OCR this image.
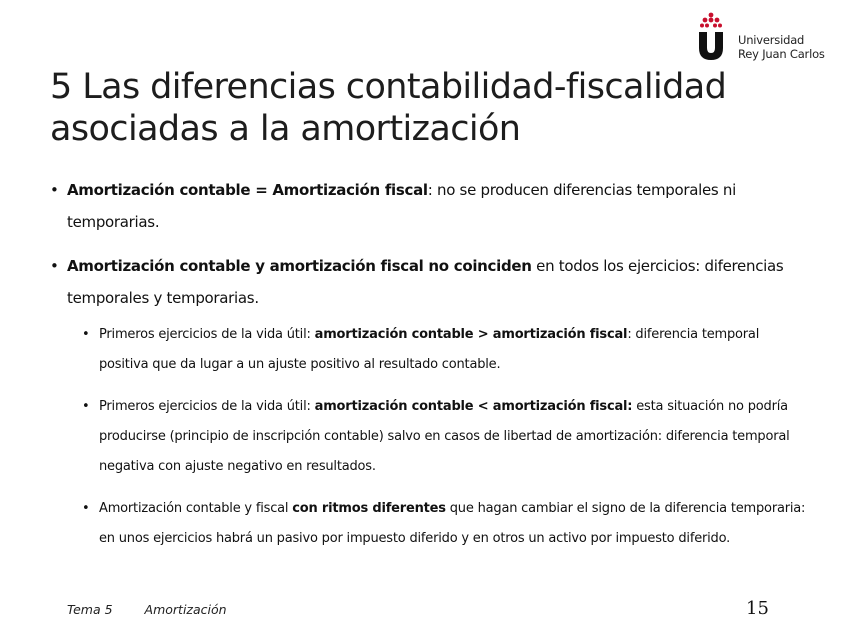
Universidad
Rey Juan Carlos
5 Las diferencias contabilidad-fiscalidad
asociadas a la amortización
• Amortización contable = Amortización fiscal: no se producen diferencias temporales ni temporarias.
• Amortización contable y amortización fiscal no coinciden en todos los ejercicios: diferencias temporales y temporarias.
• Primeros ejercicios de la vida útil: amortización contable > amortización fiscal: diferencia temporal positiva que da lugar a un ajuste positivo al resultado contable.
• Primeros ejercicios de la vida útil: amortización contable < amortización fiscal: esta situación no podría producirse (principio de inscripción contable) salvo en casos de libertad de amortización: diferencia temporal negativa con ajuste negativo en resultados.
• Amortización contable y fiscal con ritmos diferentes que hagan cambiar el signo de la diferencia temporaria: en unos ejercicios habrá un pasivo por impuesto diferido y en otros un activo por impuesto diferido.
Tema 5	Amortización	15
